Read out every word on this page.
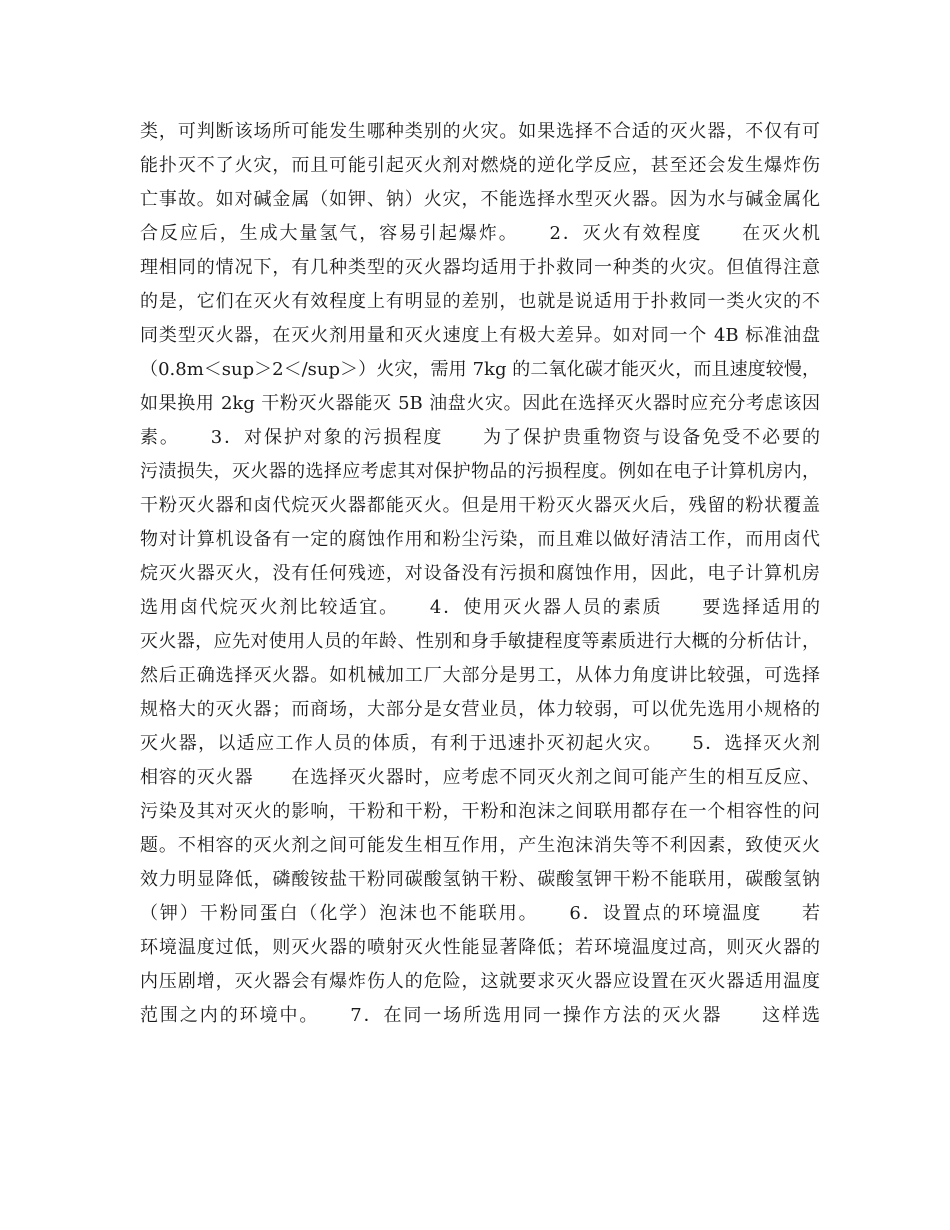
类，可判断该场所可能发生哪种类别的火灾。如果选择不合适的灭火器，不仅有可
能扑灭不了火灾，而且可能引起灭火剂对燃烧的逆化学反应，甚至还会发生爆炸伤
亡事故。如对碱金属（如钾、钠）火灾，不能选择水型灭火器。因为水与碱金属化
合反应后，生成大量氢气，容易引起爆炸。　　2．灭火有效程度　　在灭火机
理相同的情况下，有几种类型的灭火器均适用于扑救同一种类的火灾。但值得注意
的是，它们在灭火有效程度上有明显的差别，也就是说适用于扑救同一类火灾的不
同类型灭火器，在灭火剂用量和灭火速度上有极大差异。如对同一个 4B 标准油盘
（0.8m＜sup＞2＜/sup＞）火灾，需用 7kg 的二氧化碳才能灭火，而且速度较慢，
如果换用 2kg 干粉灭火器能灭 5B 油盘火灾。因此在选择灭火器时应充分考虑该因
素。　　3．对保护对象的污损程度　　为了保护贵重物资与设备免受不必要的
污渍损失，灭火器的选择应考虑其对保护物品的污损程度。例如在电子计算机房内，
干粉灭火器和卤代烷灭火器都能灭火。但是用干粉灭火器灭火后，残留的粉状覆盖
物对计算机设备有一定的腐蚀作用和粉尘污染，而且难以做好清洁工作，而用卤代
烷灭火器灭火，没有任何残迹，对设备没有污损和腐蚀作用，因此，电子计算机房
选用卤代烷灭火剂比较适宜。　　4．使用灭火器人员的素质　　要选择适用的
灭火器，应先对使用人员的年龄、性别和身手敏捷程度等素质进行大概的分析估计，
然后正确选择灭火器。如机械加工厂大部分是男工，从体力角度讲比较强，可选择
规格大的灭火器；而商场，大部分是女营业员，体力较弱，可以优先选用小规格的
灭火器，以适应工作人员的体质，有利于迅速扑灭初起火灾。　　5．选择灭火剂
相容的灭火器　　在选择灭火器时，应考虑不同灭火剂之间可能产生的相互反应、
污染及其对灭火的影响，干粉和干粉，干粉和泡沫之间联用都存在一个相容性的问
题。不相容的灭火剂之间可能发生相互作用，产生泡沫消失等不利因素，致使灭火
效力明显降低，磷酸铵盐干粉同碳酸氢钠干粉、碳酸氢钾干粉不能联用，碳酸氢钠
（钾）干粉同蛋白（化学）泡沫也不能联用。　　6．设置点的环境温度　　若
环境温度过低，则灭火器的喷射灭火性能显著降低；若环境温度过高，则灭火器的
内压剧增，灭火器会有爆炸伤人的危险，这就要求灭火器应设置在灭火器适用温度
范围之内的环境中。　　7．在同一场所选用同一操作方法的灭火器　　这样选
